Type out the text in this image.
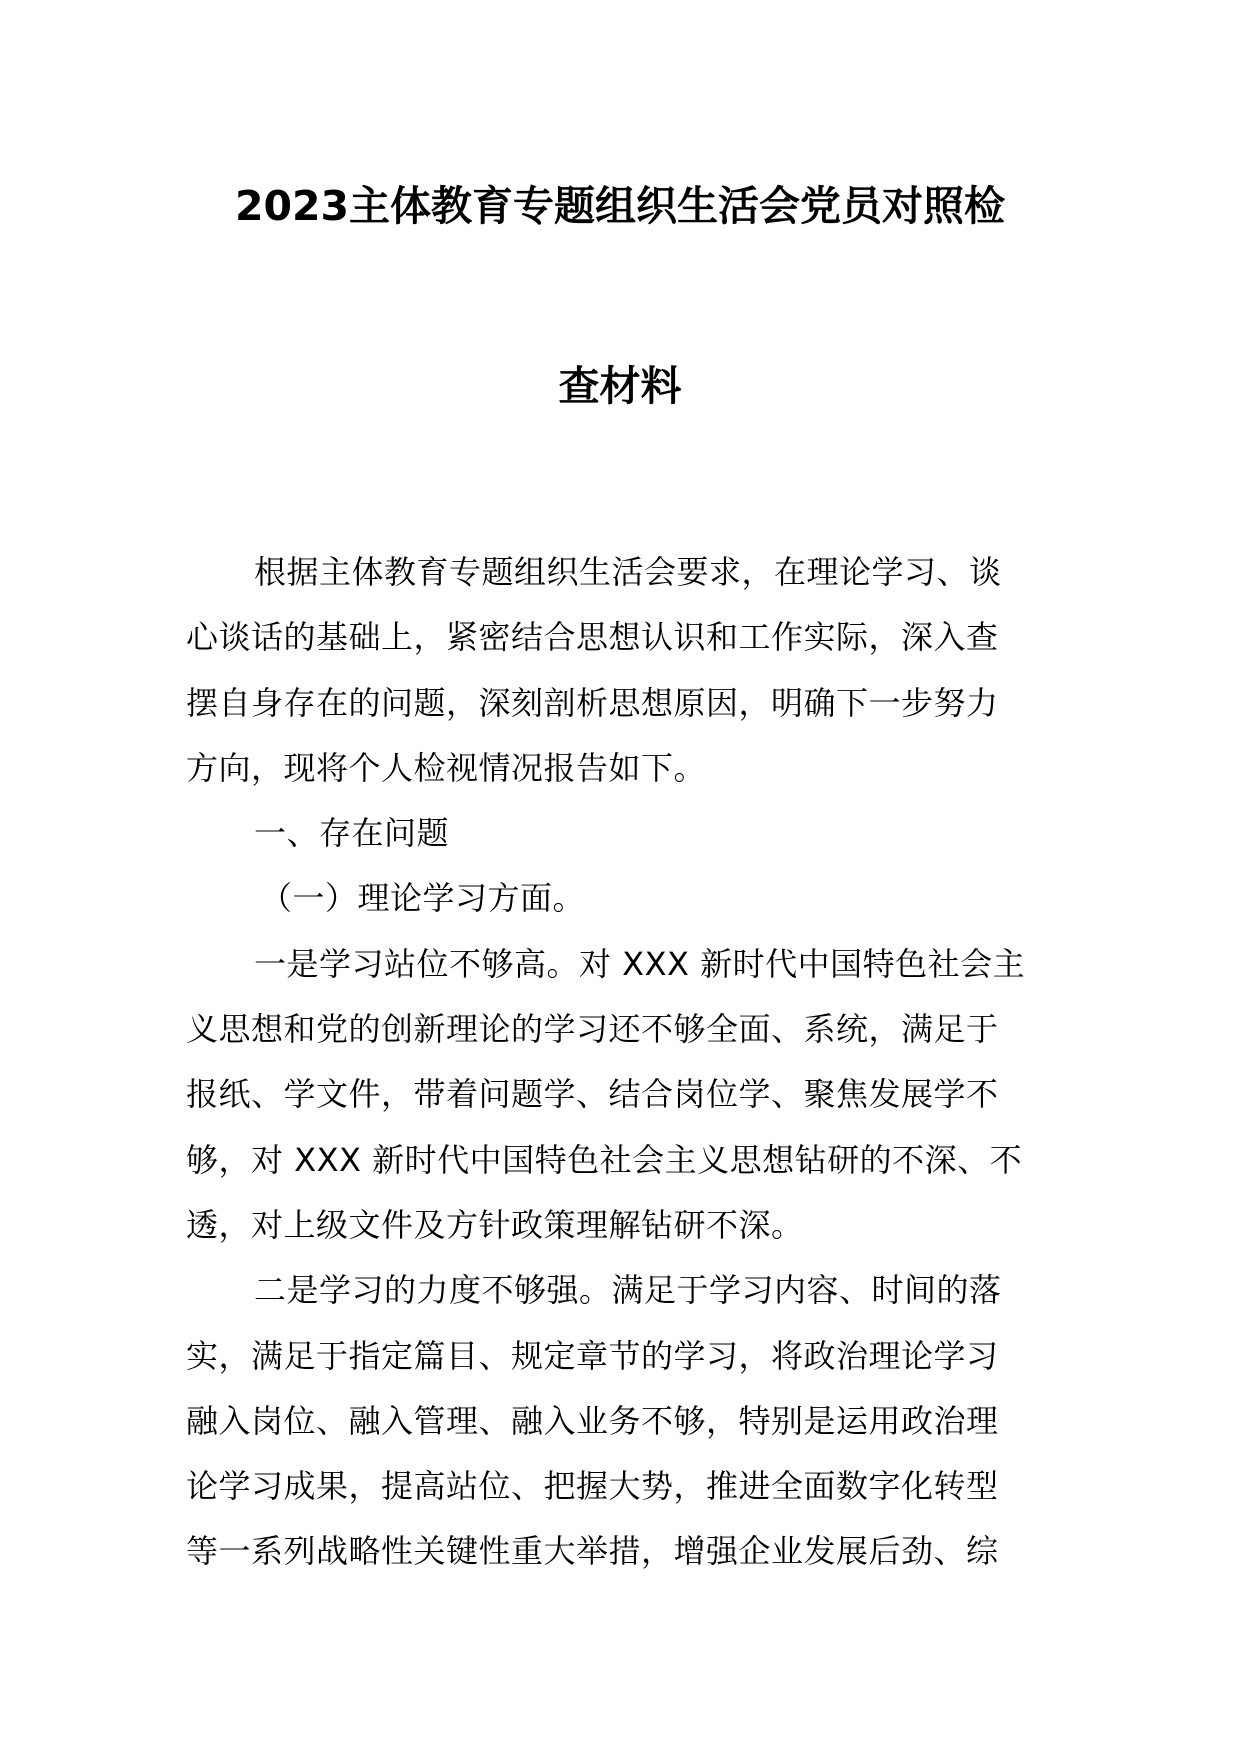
2023主体教育专题组织生活会党员对照检
查材料
根据主体教育专题组织生活会要求，在理论学习、谈
心谈话的基础上，紧密结合思想认识和工作实际，深入查
摆自身存在的问题，深刻剖析思想原因，明确下一步努力
方向，现将个人检视情况报告如下。
一、存在问题
（一）理论学习方面。
一是学习站位不够高。对 XXX 新时代中国特色社会主
义思想和党的创新理论的学习还不够全面、系统，满足于
报纸、学文件，带着问题学、结合岗位学、聚焦发展学不
够，对 XXX 新时代中国特色社会主义思想钻研的不深、不
透，对上级文件及方针政策理解钻研不深。
二是学习的力度不够强。满足于学习内容、时间的落
实，满足于指定篇目、规定章节的学习，将政治理论学习
融入岗位、融入管理、融入业务不够，特别是运用政治理
论学习成果，提高站位、把握大势，推进全面数字化转型
等一系列战略性关键性重大举措，增强企业发展后劲、综
